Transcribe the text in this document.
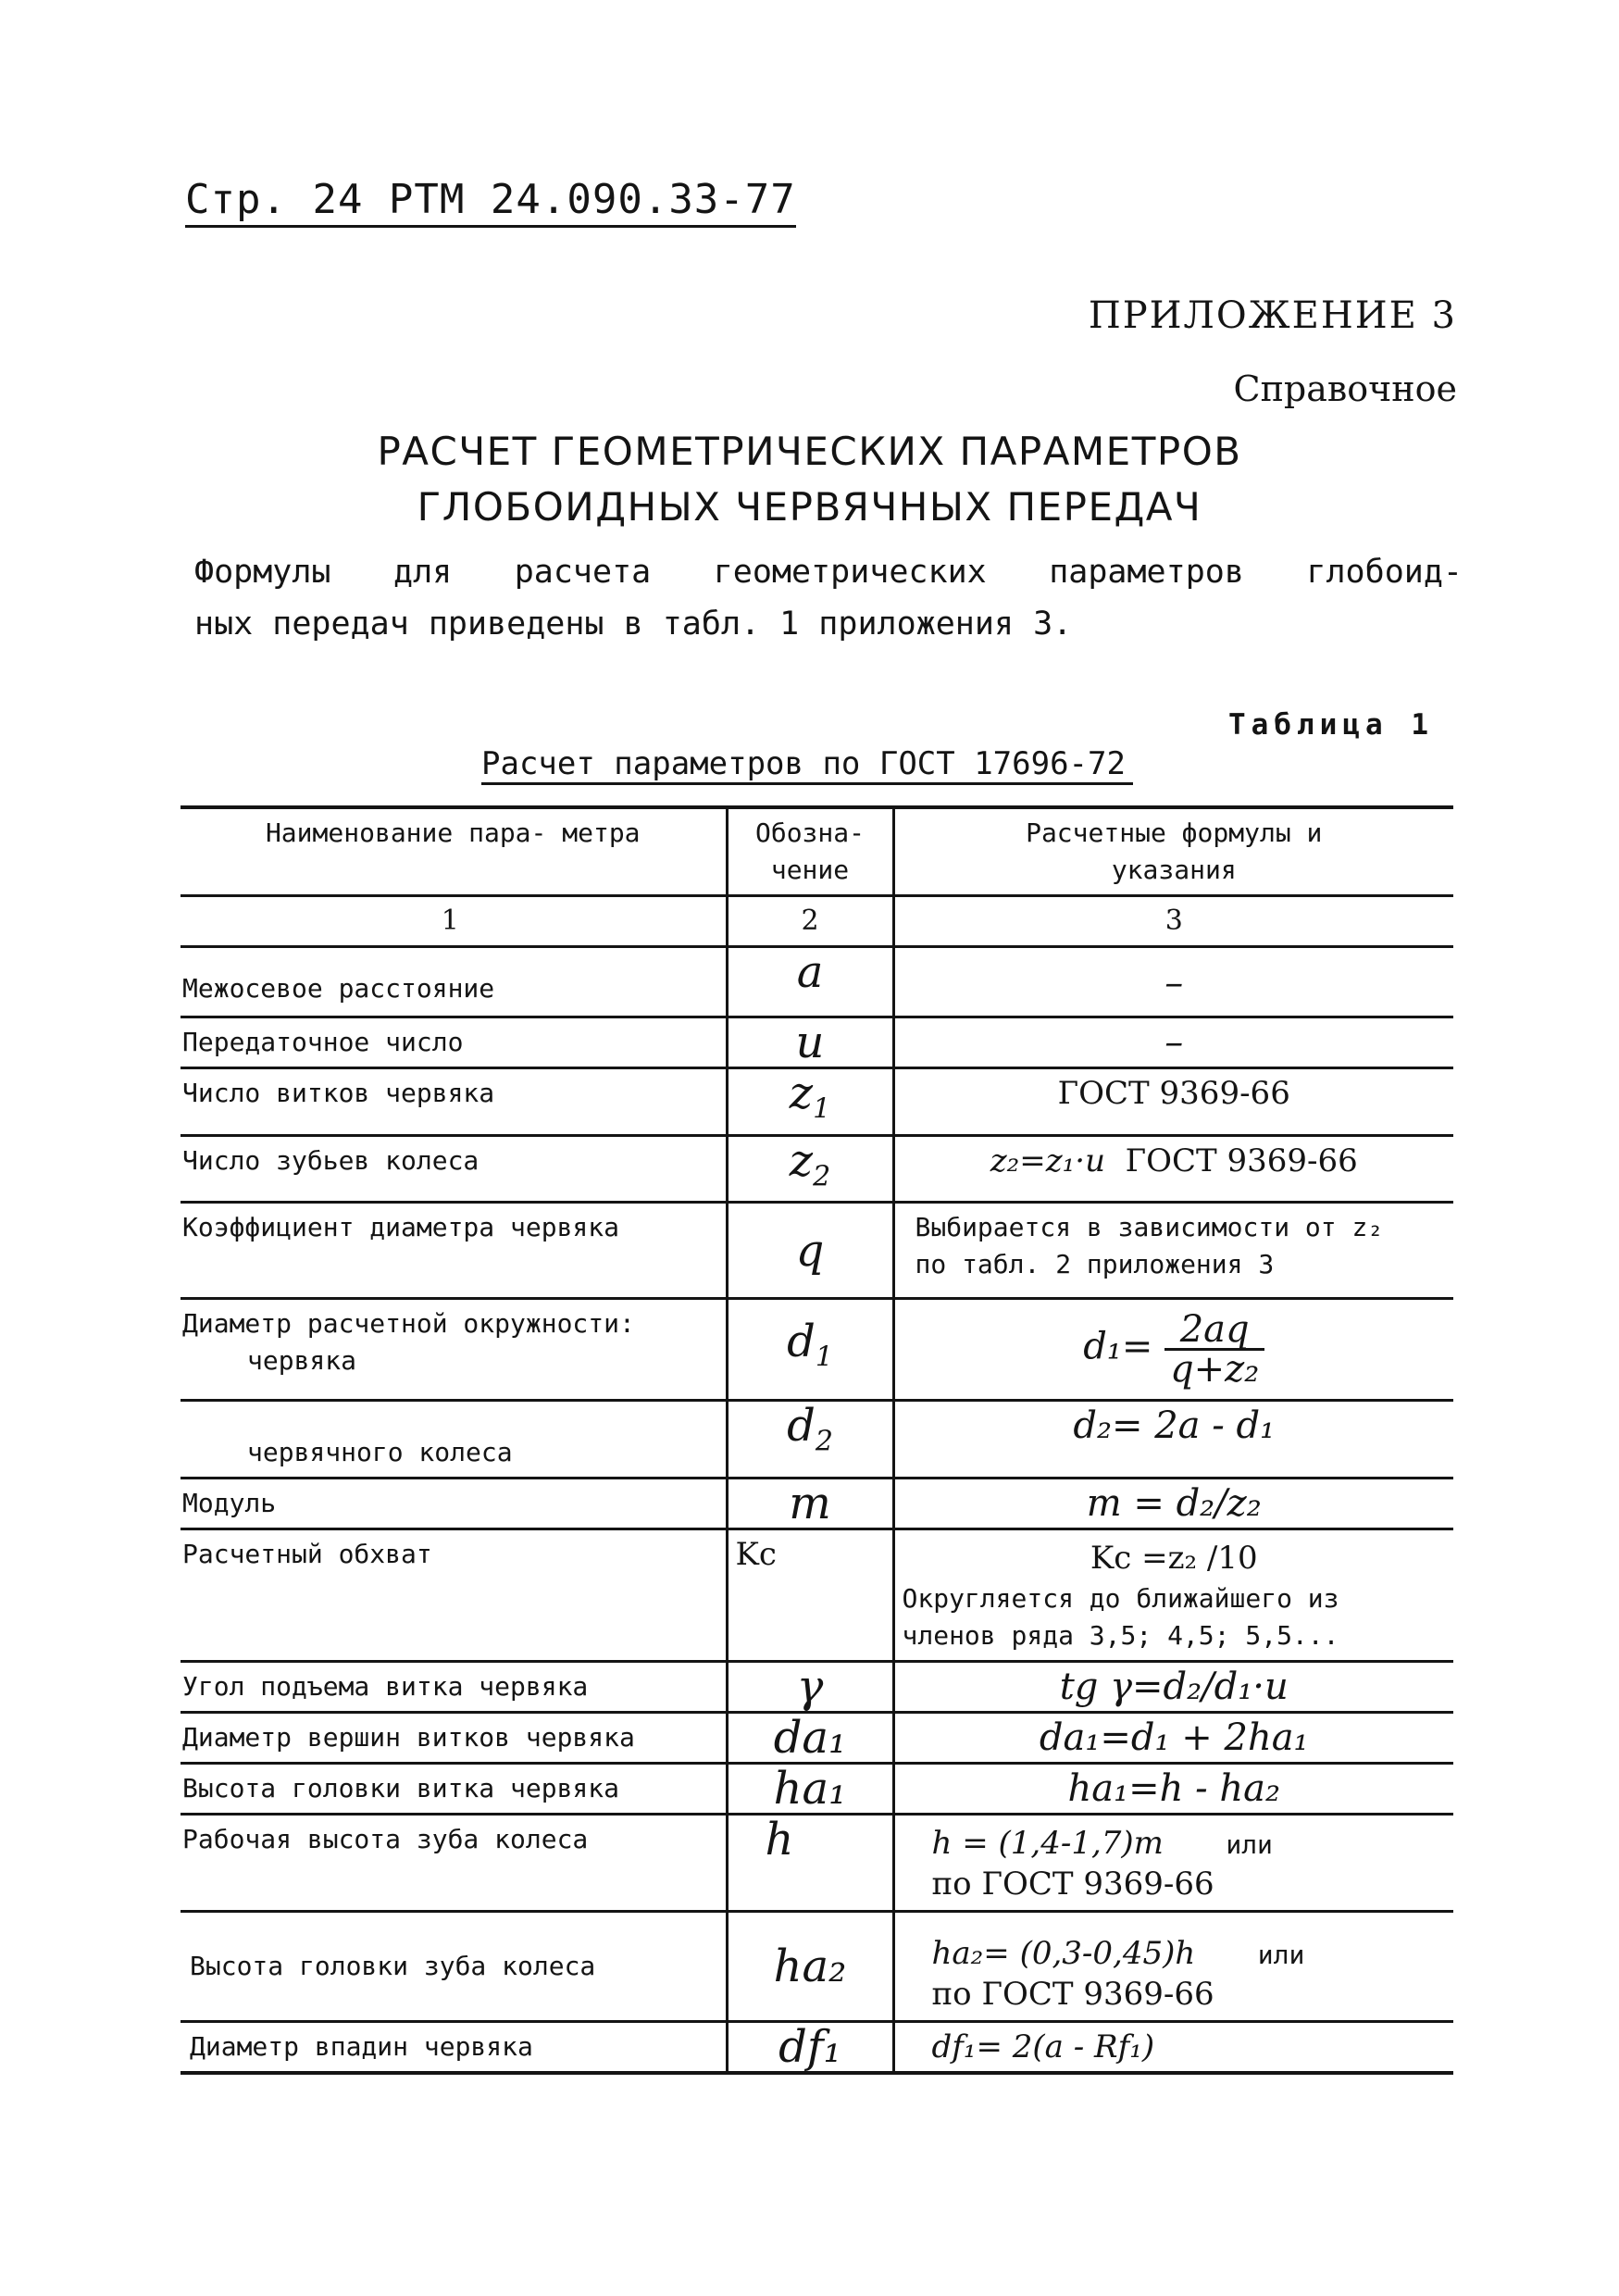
Стр. 24 РТМ 24.090.33-77
ПРИЛОЖЕНИЕ 3
Справочное
РАСЧЕТ ГЕОМЕТРИЧЕСКИХ ПАРАМЕТРОВ
ГЛОБОИДНЫХ ЧЕРВЯЧНЫХ ПЕРЕДАЧ
Формулы для расчета геометрических параметров глобоид-
ных передач приведены в табл. 1 приложения 3.
Таблица 1
Расчет параметров по ГОСТ 17696-72
Наименование пара- метра	Обозна- чение	Расчетные формулы и указания
1	2	3

Межосевое расстояние	a	–
Передаточное число	u	–
Число витков червяка	$z_1$	ГОСТ 9369-66
Число зубьев колеса	$z_2$	z₂=z₁·u ГОСТ 9369-66
Коэффициент диаметра червяка	q	Выбирается в зависимости от z₂
по табл. 2 приложения 3
Диаметр расчетной окружности:
червяка	$d_1$	$d_1= \frac{2aq}{\text{q+z₂}}$

червячного колеса	$d_2$	d₂= 2a - d₁
Модуль	m	m = d₂/z₂
Расчетный обхват	Kс	Kс =z₂ /10
Округляется до ближайшего из членов ряда 3,5; 4,5; 5,5...

Угол подъема витка червяка	γ	tg γ=d₂/d₁·u
Диаметр вершин витков червяка	da₁	da₁=d₁ + 2ha₁
Высота головки витка червяка	ha₁	ha₁=h - ha₂
Рабочая высота зуба колеса	h	h = (1,4-1,7)m или
по ГОСТ 9369-66
Высота головки зуба колеса	ha₂	ha₂= (0,3-0,45)h или
по ГОСТ 9369-66
Диаметр впадин червяка	df₁	df₁= 2(a - Rf₁)
